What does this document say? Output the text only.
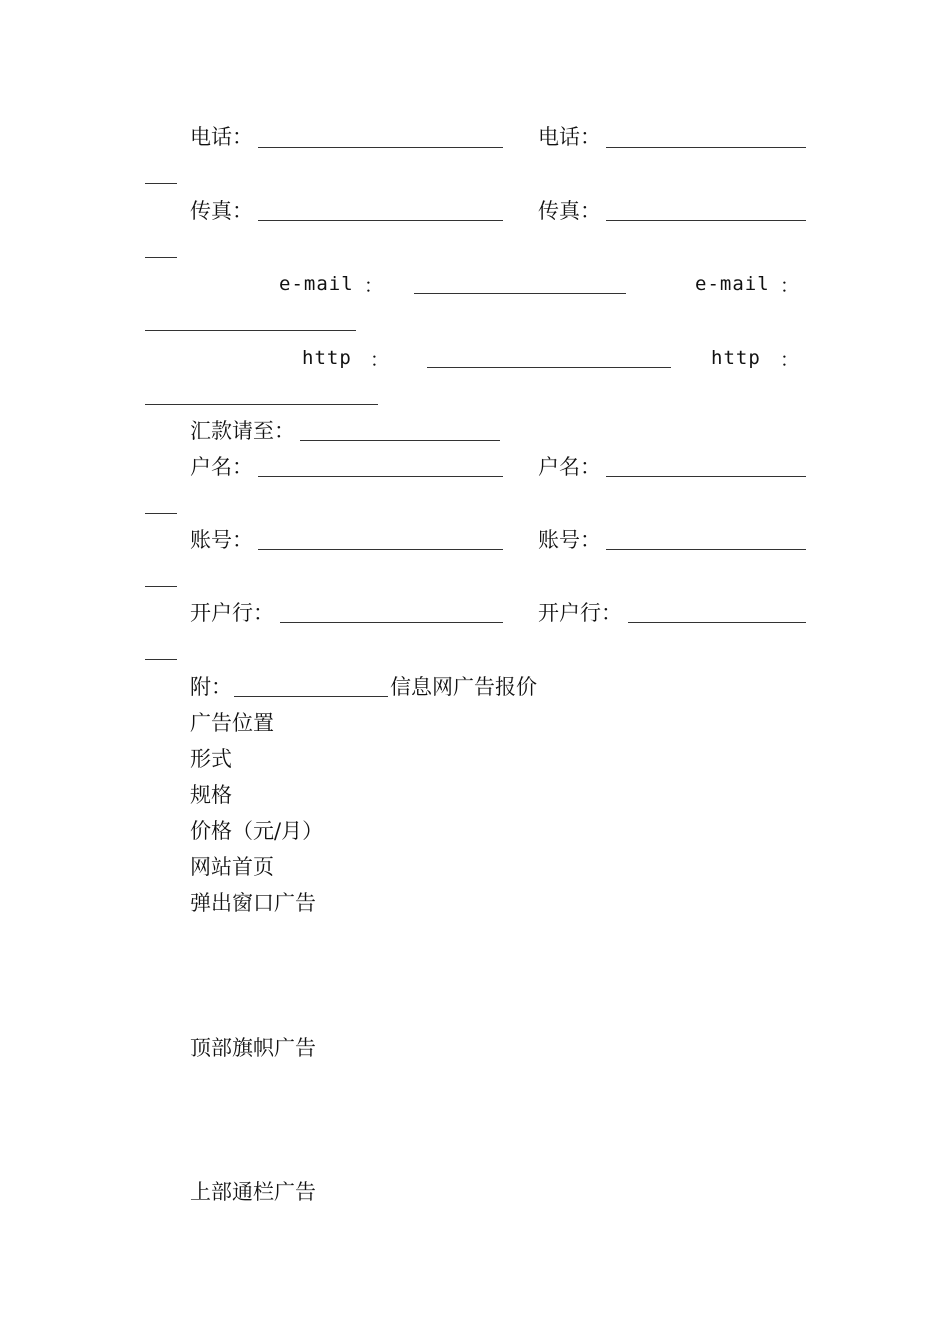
电话：	电话：
传真：	传真：
e-mail ：	e-mail ：
http ：	http ：
汇款请至：
户名：	户名：
账号：	账号：
开户行：	开户行：
附：	信息网广告报价
广告位置
形式
规格
价格（元/月）
网站首页
弹出窗口广告
顶部旗帜广告
上部通栏广告
